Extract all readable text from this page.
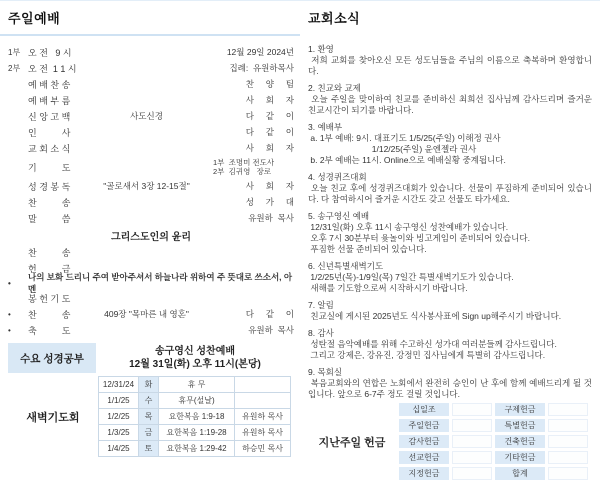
주일예배
1부 오 전   9 시	12월 29일 2024년
2부 오 전  1 1 시	집례:  유원하목사
예 배 찬 송	찬     양     팀
예 배 부 름	사     회     자
신 앙 고 백	사도신경	다     같     이
인          사	다     같     이
교 회 소 식	사     회     자
기          도	1부  조명미 전도사
2부  김귀영   장로
성 경 봉 독	"골로새서 3장 12-15절"	사     회     자
찬          송	성     가     대
말          씀	유원하  목사
그리스도인의 윤리
찬          송
헌          금
•
나의 보화 드리니 주여 받아주셔서 하늘나라 위하여 주 뜻대로 쓰소서, 아멘
봉 헌 기 도
•	찬          송	409장 "목마른 내 영혼"	다     같     이
•	축          도	유원하  목사
수요 성경공부
송구영신 성찬예배
12월 31일(화) 오후 11시(본당)
새벽기도회
12/31/24	화	휴 무	
1/1/25	수	휴무(설날)	
1/2/25	목	요한복음 1:9-18	유원하 목사
1/3/25	금	요한복음 1:19-28	유원하 목사
1/4/25	토	요한복음 1:29-42	하승민 목사
교회소식
1. 환영
저희 교회를 찾아오신 모든 성도님들을 주님의 이름으로 축복하며 환영합니다.
2. 친교와 교제
오늘 주일을 맞이하여 친교를 준비하신 최희선 집사님께 감사드리며 즐거운 친교시간이 되기를 바랍니다.
3. 예배부
a. 1부 예배: 9시. 대표기도 1/5/25(주일) 이해정 권사
1/12/25(주일) 윤엔젤라 권사
b. 2부 예배는 11시. Online으로 예배실황 중계됩니다.
4. 성경퀴즈대회
오늘 친교 후에 성경퀴즈대회가 있습니다. 선물이 푸짐하게 준비되어 있습니다. 다 참여하시어 즐거운 시간도 갖고 선물도 타가세요.
5. 송구영신 예배
12/31일(화) 오후 11시 송구영신 성찬예배가 있습니다.
오후 7시 30분부터 윷놀이와 빙고게임이 준비되어 있습니다.
푸짐한 선물 준비되어 있습니다.
6. 신년특별새벽기도
1/2/25년(목)-1/9일(목) 7일간 특별새벽기도가 있습니다.
새해를 기도함으로써 시작하시기 바랍니다.
7. 알림
친교실에 게시된 2025년도 식사봉사표에 Sign up해주시기 바랍니다.
8. 감사
성탄절 음악예배를 위해 수고하신 성가대 여러분들께 감사드립니다.
그리고 강제은, 강유진, 강정민 집사님에게 특별히 감사드립니다.
9. 목회실
복음교회와의 연합은 노회에서 완전히 승인이 난 후에 함께 예배드리게 될 것입니다. 앞으로 6-7주 정도 걸릴 것입니다.
지난주일 헌금
십일조		구제헌금	
주일헌금		특별헌금	
감사헌금		건축헌금	
선교헌금		기타헌금	
지정헌금		합계	
